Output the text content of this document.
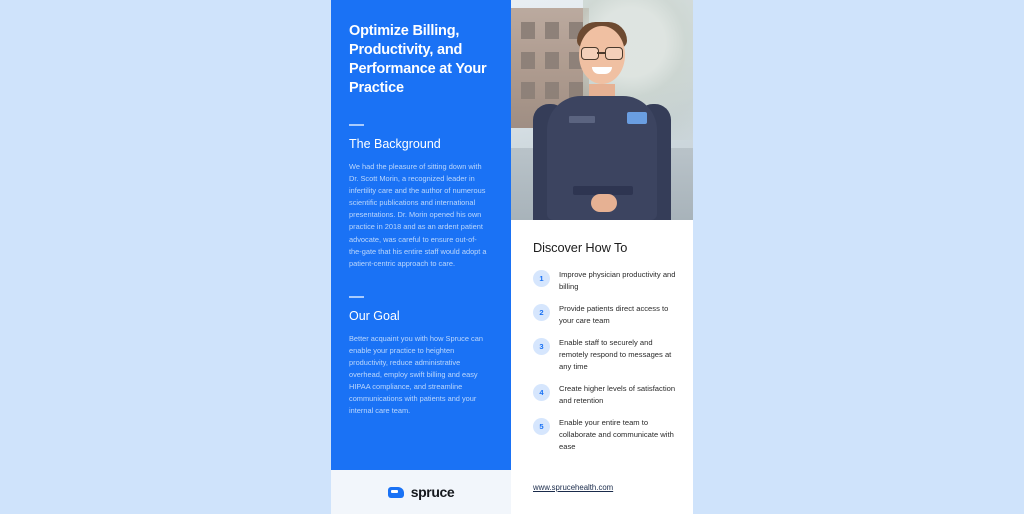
Optimize Billing, Productivity, and Performance at Your Practice
The Background

We had the pleasure of sitting down with Dr. Scott Morin, a recognized leader in infertility care and the author of numerous scientific publications and international presentations. Dr. Morin opened his own practice in 2018 and as an ardent patient advocate, was careful to ensure out-of-the-gate that his entire staff would adopt a patient-centric approach to care.

Our Goal

Better acquaint you with how Spruce can enable your practice to heighten productivity, reduce administrative overhead, employ swift billing and easy HIPAA compliance, and streamline communications with patients and your internal care team.

Discover How To
1	Improve physician productivity and billing
2	Provide patients direct access to your care team
3	Enable staff to securely and remotely respond to messages at any time
4	Create higher levels of satisfaction and retention
5	Enable your entire team to collaborate and communicate with ease
www.sprucehealth.com
spruce
